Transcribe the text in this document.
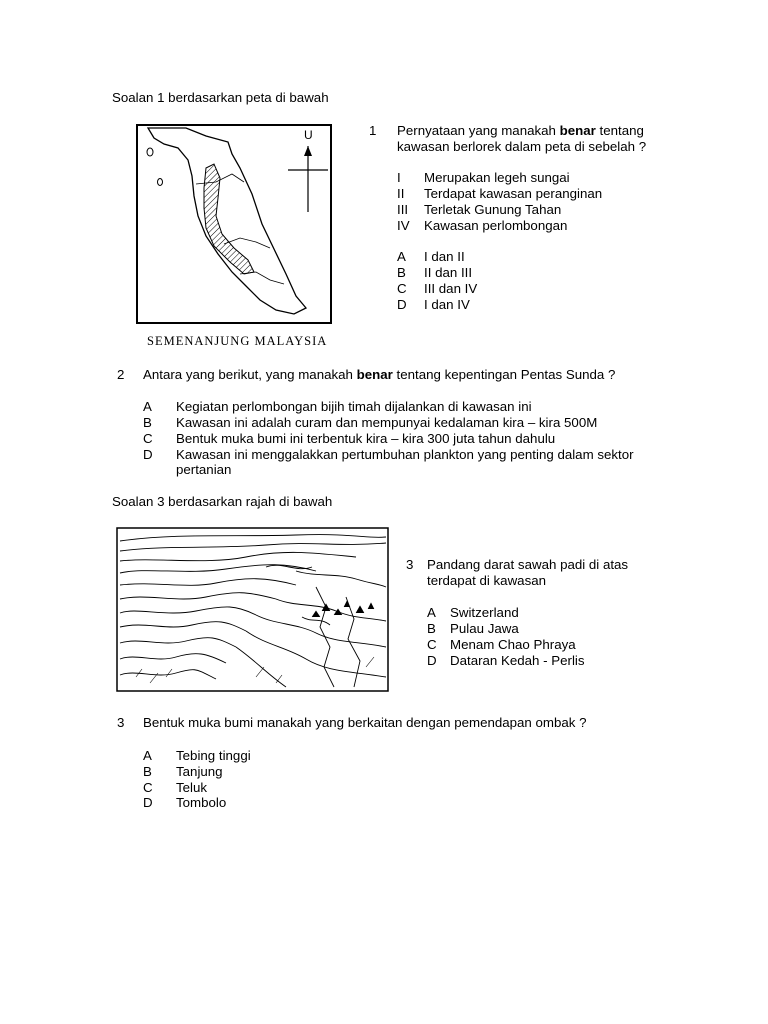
Soalan 1 berdasarkan peta di bawah
U
SEMENANJUNG MALAYSIA
1 Pernyataan yang manakah benar tentang
kawasan berlorek dalam peta di sebelah ?
I Merupakan legeh sungai
II Terdapat kawasan peranginan
III Terletak Gunung Tahan
IV Kawasan perlombongan
A I dan II
B II dan III
C III dan IV
D I dan IV
2 Antara yang berikut, yang manakah benar tentang kepentingan Pentas Sunda ?
A Kegiatan perlombongan bijih timah dijalankan di kawasan ini
B Kawasan ini adalah curam dan mempunyai kedalaman kira – kira 500M
C Bentuk muka bumi ini terbentuk kira – kira 300 juta tahun dahulu
D Kawasan ini menggalakkan pertumbuhan plankton yang penting dalam sektor
pertanian
Soalan 3 berdasarkan rajah di bawah
3 Pandang darat sawah padi di atas
terdapat di kawasan
A Switzerland
B Pulau Jawa
C Menam Chao Phraya
D Dataran Kedah - Perlis
3 Bentuk muka bumi manakah yang berkaitan dengan pemendapan ombak ?
A Tebing tinggi
B Tanjung
C Teluk
D Tombolo
